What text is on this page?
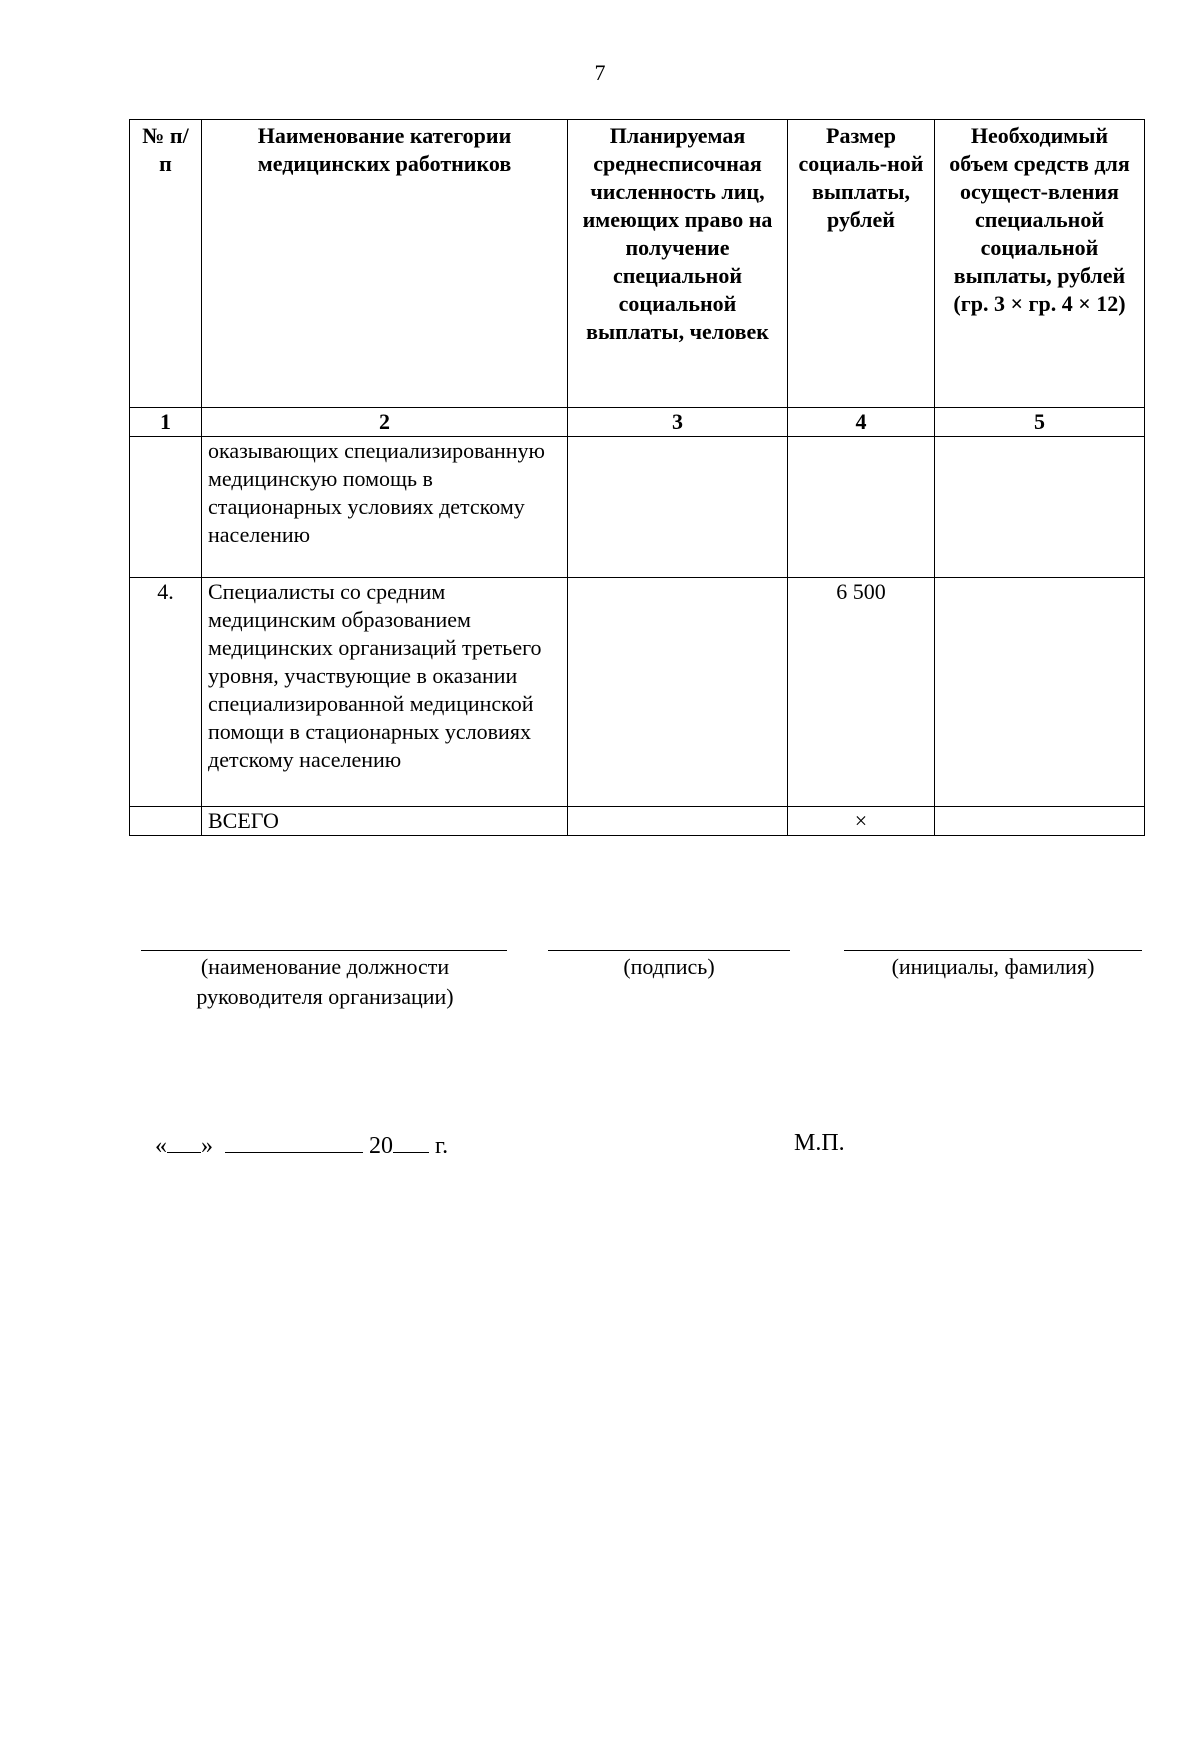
7
№ п/п	Наименование категории медицинских работников	Планируемая среднесписочная численность лиц, имеющих право на получение специальной социальной выплаты, человек	Размер социаль-ной выплаты, рублей	Необходимый объем средств для осущест-вления специальной социальной выплаты, рублей (гр. 3 × гр. 4 × 12)
1	2	3	4	5
	оказывающих специализированную медицинскую помощь в стационарных условиях детскому населению			
4.	Специалисты со средним медицинским образованием медицинских организаций третьего уровня, участвующие в оказании специализированной медицинской помощи в стационарных условиях детскому населению		6 500	
	ВСЕГО		×	
(наименование должности руководителя организации)
(подпись)	(инициалы, фамилия)
« »	20 г.	М.П.
